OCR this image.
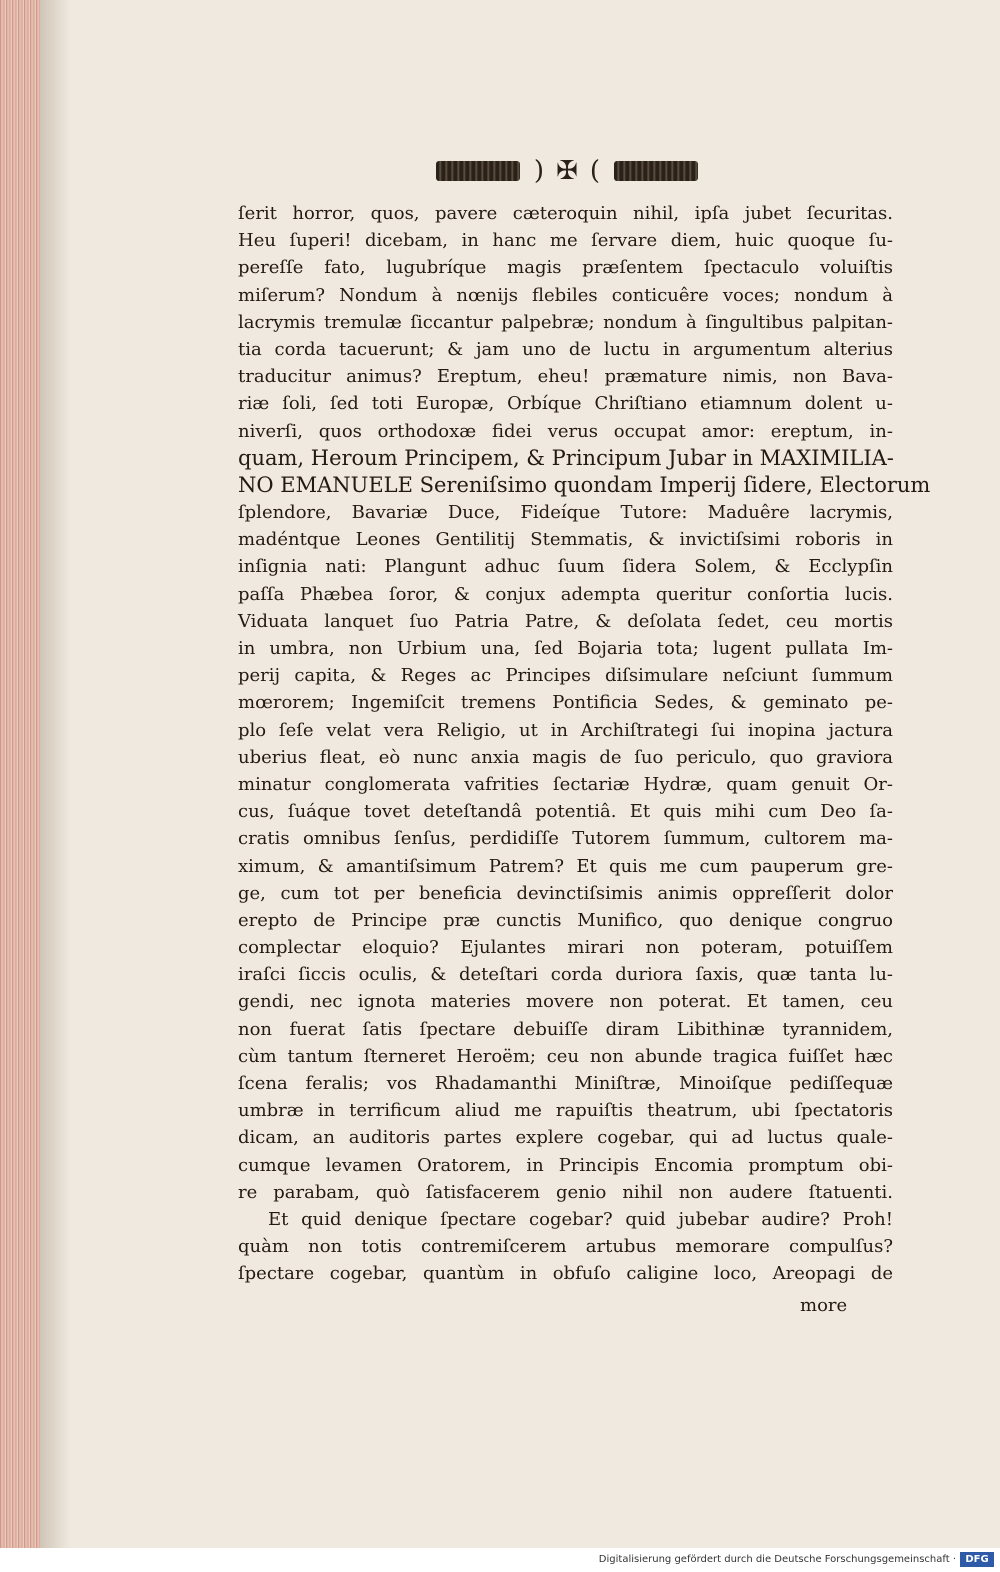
) ✠ (
ſerit horror, quos, pavere cæteroquin nihil, ipſa jubet ſecuritas.
Heu ſuperi! dicebam, in hanc me ſervare diem, huic quoque ſu-
pereſſe fato, lugubríque magis præſentem ſpectaculo voluiſtis
miſerum? Nondum à nœnijs flebiles conticuêre voces; nondum à
lacrymis tremulæ ſiccantur palpebræ; nondum à ſingultibus palpitan-
tia corda tacuerunt; & jam uno de luctu in argumentum alterius
traducitur animus? Ereptum, eheu! præmature nimis, non Bava-
riæ ſoli, ſed toti Europæ, Orbíque Chriſtiano etiamnum dolent u-
niverſi, quos orthodoxæ fidei verus occupat amor: ereptum, in-
quam, Heroum Principem, & Principum Jubar in MAXIMILIA-
NO EMANUELE Sereniſsimo quondam Imperij ſidere, Electorum
ſplendore, Bavariæ Duce, Fideíque Tutore: Maduêre lacrymis,
madéntque Leones Gentilitij Stemmatis, & invictiſsimi roboris in
inſignia nati: Plangunt adhuc ſuum ſidera Solem, & Ecclypſin
paſſa Phæbea ſoror, & conjux adempta queritur conſortia lucis.
Viduata lanquet ſuo Patria Patre, & deſolata ſedet, ceu mortis
in umbra, non Urbium una, ſed Bojaria tota; lugent pullata Im-
perij capita, & Reges ac Principes diſsimulare neſciunt ſummum
mœrorem; Ingemiſcit tremens Pontificia Sedes, & geminato pe-
plo ſeſe velat vera Religio, ut in Archiſtrategi ſui inopina jactura
uberius fleat, eò nunc anxia magis de ſuo periculo, quo graviora
minatur conglomerata vafrities ſectariæ Hydræ, quam genuit Or-
cus, ſuáque tovet deteſtandâ potentiâ. Et quis mihi cum Deo ſa-
cratis omnibus ſenſus, perdidiſſe Tutorem ſummum, cultorem ma-
ximum, & amantiſsimum Patrem? Et quis me cum pauperum gre-
ge, cum tot per beneficia devinctiſsimis animis oppreſſerit dolor
erepto de Principe præ cunctis Munifico, quo denique congruo
complectar eloquio? Ejulantes mirari non poteram, potuiſſem
iraſci ſiccis oculis, & deteſtari corda duriora ſaxis, quæ tanta lu-
gendi, nec ignota materies movere non poterat. Et tamen, ceu
non fuerat ſatis ſpectare debuiſſe diram Libithinæ tyrannidem,
cùm tantum ſterneret Heroëm; ceu non abunde tragica fuiſſet hæc
ſcena feralis; vos Rhadamanthi Miniſtræ, Minoiſque pediſſequæ
umbræ in terrificum aliud me rapuiſtis theatrum, ubi ſpectatoris
dicam, an auditoris partes explere cogebar, qui ad luctus quale-
cumque levamen Oratorem, in Principis Encomia promptum obi-
re parabam, quò ſatisfacerem genio nihil non audere ſtatuenti.
Et quid denique ſpectare cogebar? quid jubebar audire? Proh!
quàm non totis contremiſcerem artubus memorare compulſus?
ſpectare cogebar, quantùm in obfuſo caligine loco, Areopagi de
more
Digitalisierung gefördert durch die Deutsche Forschungsgemeinschaft · DFG
